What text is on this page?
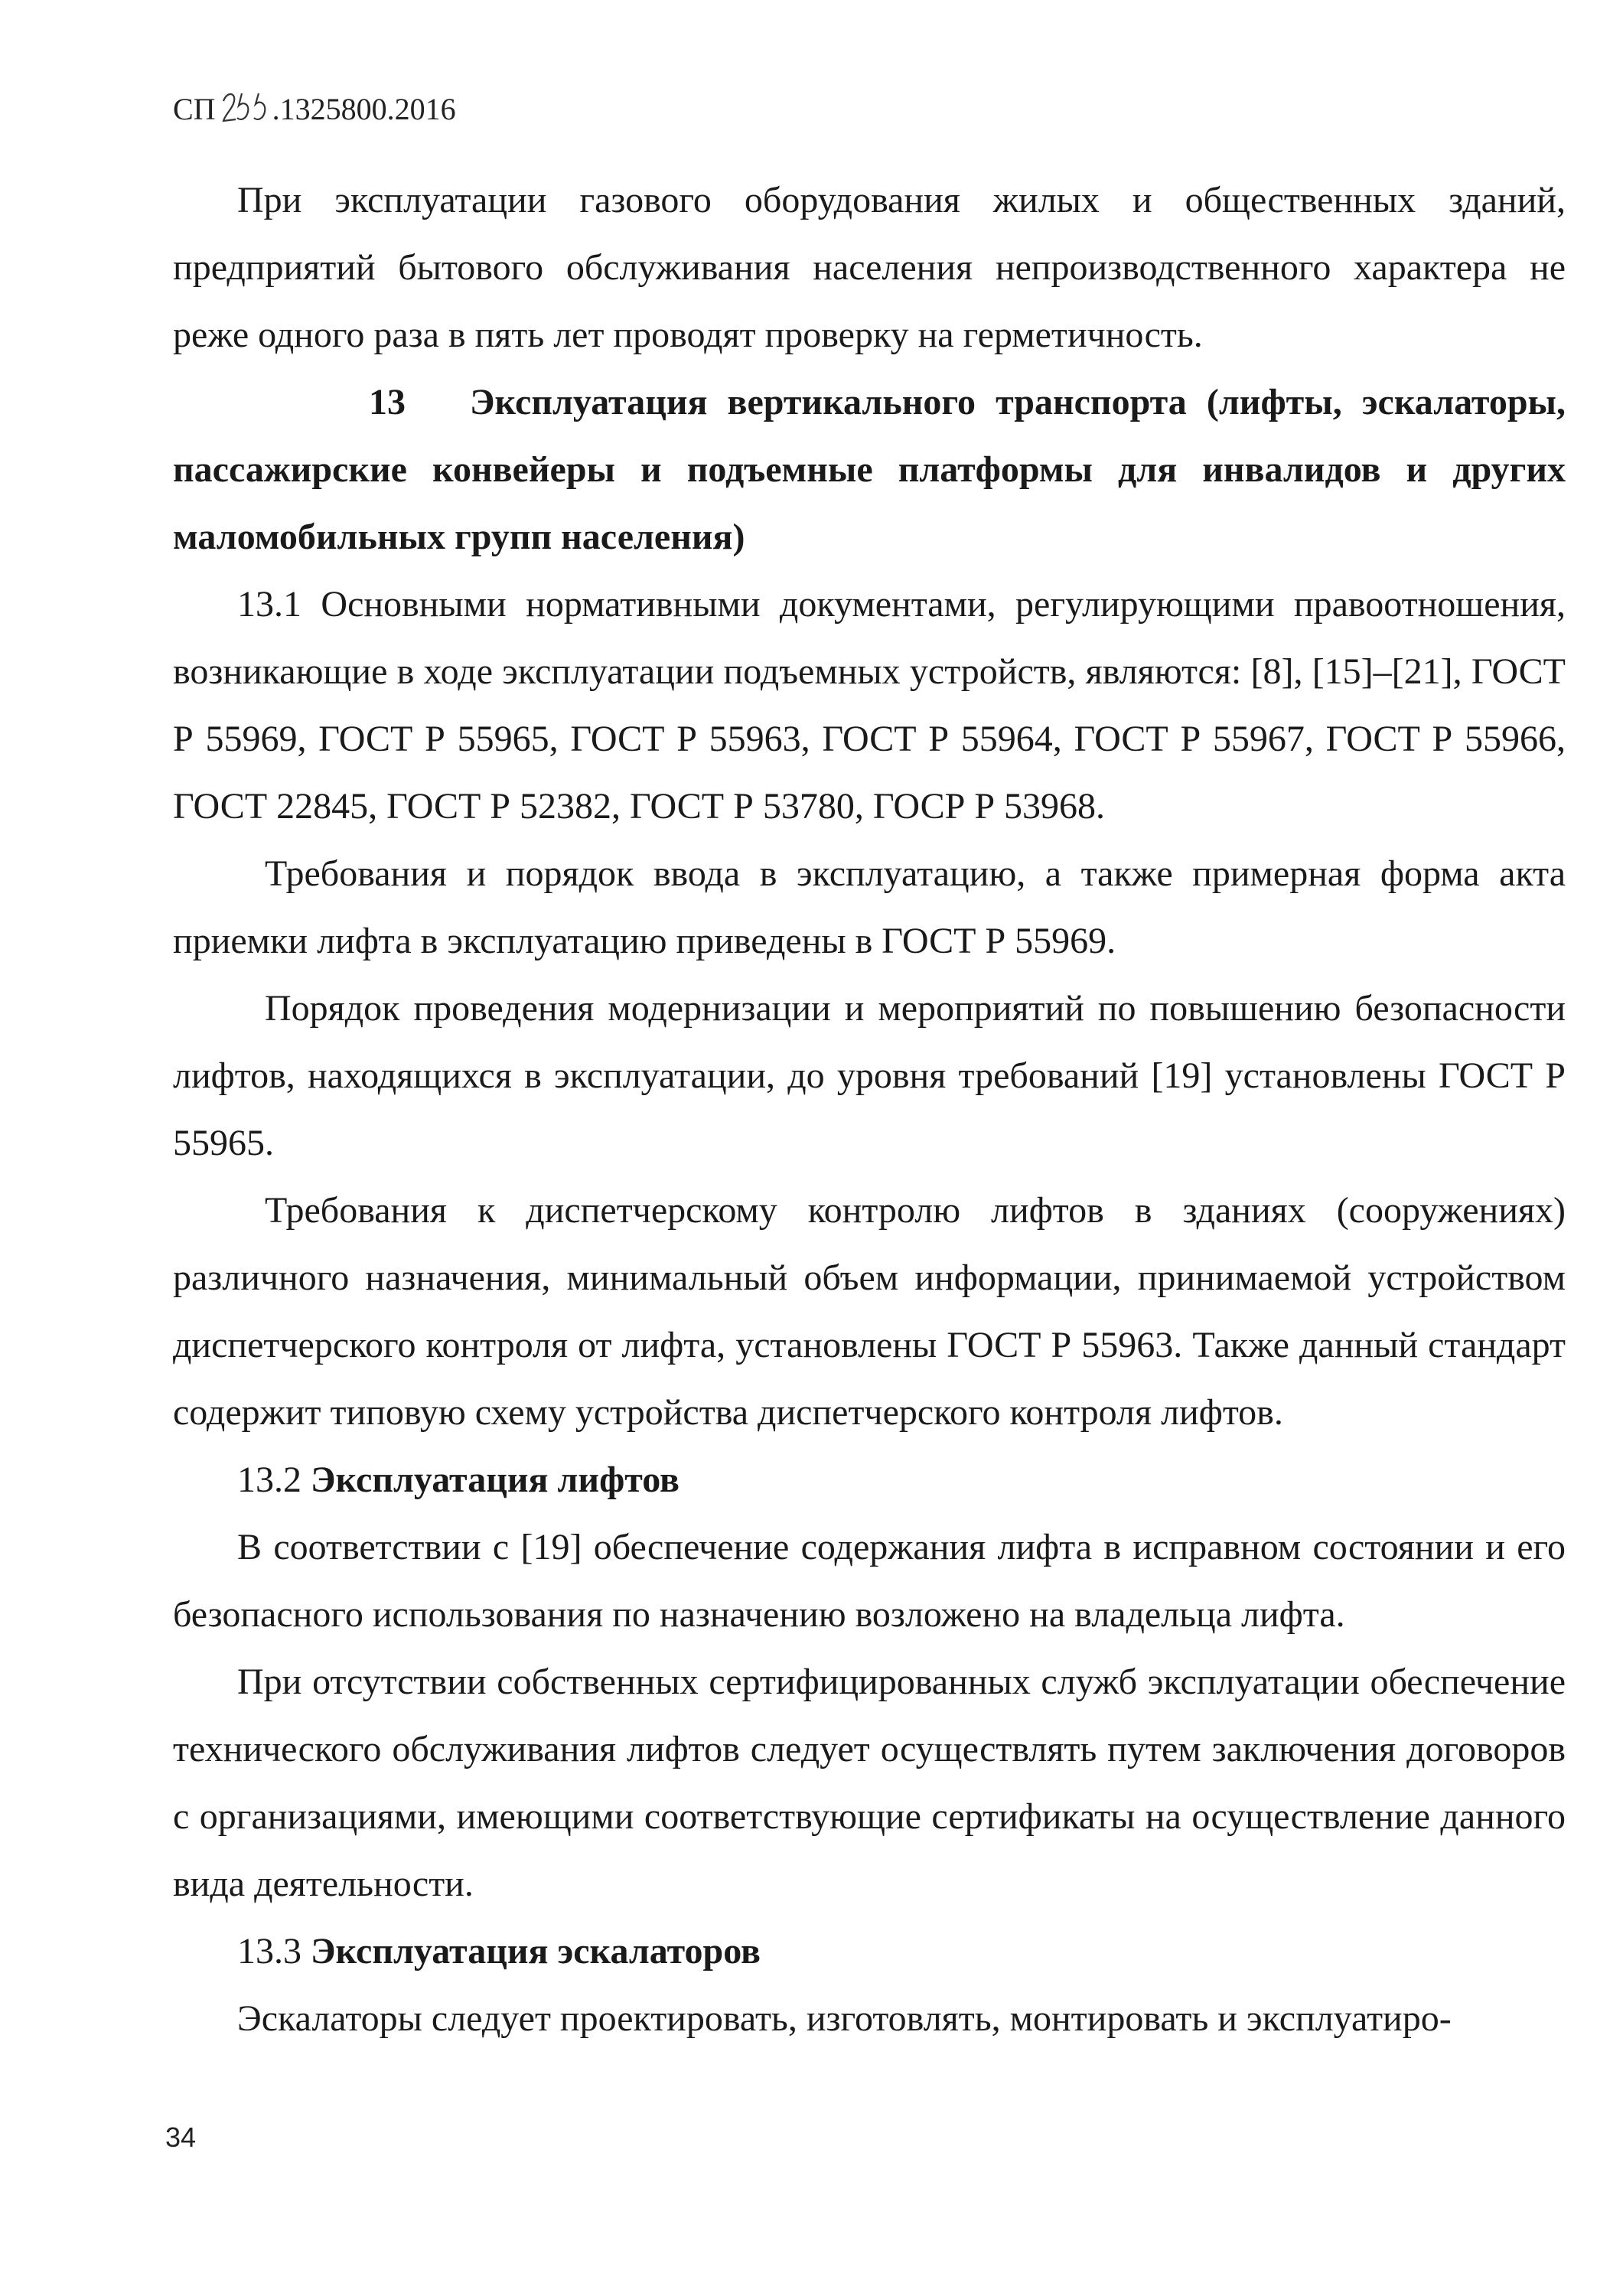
СП .1325800.2016

При эксплуатации газового оборудования жилых и общественных зданий, предприятий бытового обслуживания населения непроизводственного характера не реже одного раза в пять лет проводят проверку на герметичность.

13 Эксплуатация вертикального транспорта (лифты, эскалаторы, пассажирские конвейеры и подъемные платформы для инвалидов и других маломобильных групп населения)

13.1 Основными нормативными документами, регулирующими правоотношения, возникающие в ходе эксплуатации подъемных устройств, являются: [8], [15]–[21], ГОСТ Р 55969, ГОСТ Р 55965, ГОСТ Р 55963, ГОСТ Р 55964, ГОСТ Р 55967, ГОСТ Р 55966, ГОСТ 22845, ГОСТ Р 52382, ГОСТ Р 53780, ГОСР Р 53968.

Требования и порядок ввода в эксплуатацию, а также примерная форма акта приемки лифта в эксплуатацию приведены в ГОСТ Р 55969.

Порядок проведения модернизации и мероприятий по повышению безопасности лифтов, находящихся в эксплуатации, до уровня требований [19] установлены ГОСТ Р 55965.

Требования к диспетчерскому контролю лифтов в зданиях (сооружениях) различного назначения, минимальный объем информации, принимаемой устройством диспетчерского контроля от лифта, установлены ГОСТ Р 55963. Также данный стандарт содержит типовую схему устройства диспетчерского контроля лифтов.

13.2 Эксплуатация лифтов

В соответствии с [19] обеспечение содержания лифта в исправном состоянии и его безопасного использования по назначению возложено на владельца лифта.

При отсутствии собственных сертифицированных служб эксплуатации обеспечение технического обслуживания лифтов следует осуществлять путем заключения договоров с организациями, имеющими соответствующие сертификаты на осуществление данного вида деятельности.

13.3 Эксплуатация эскалаторов

Эскалаторы следует проектировать, изготовлять, монтировать и эксплуатиро-

34
